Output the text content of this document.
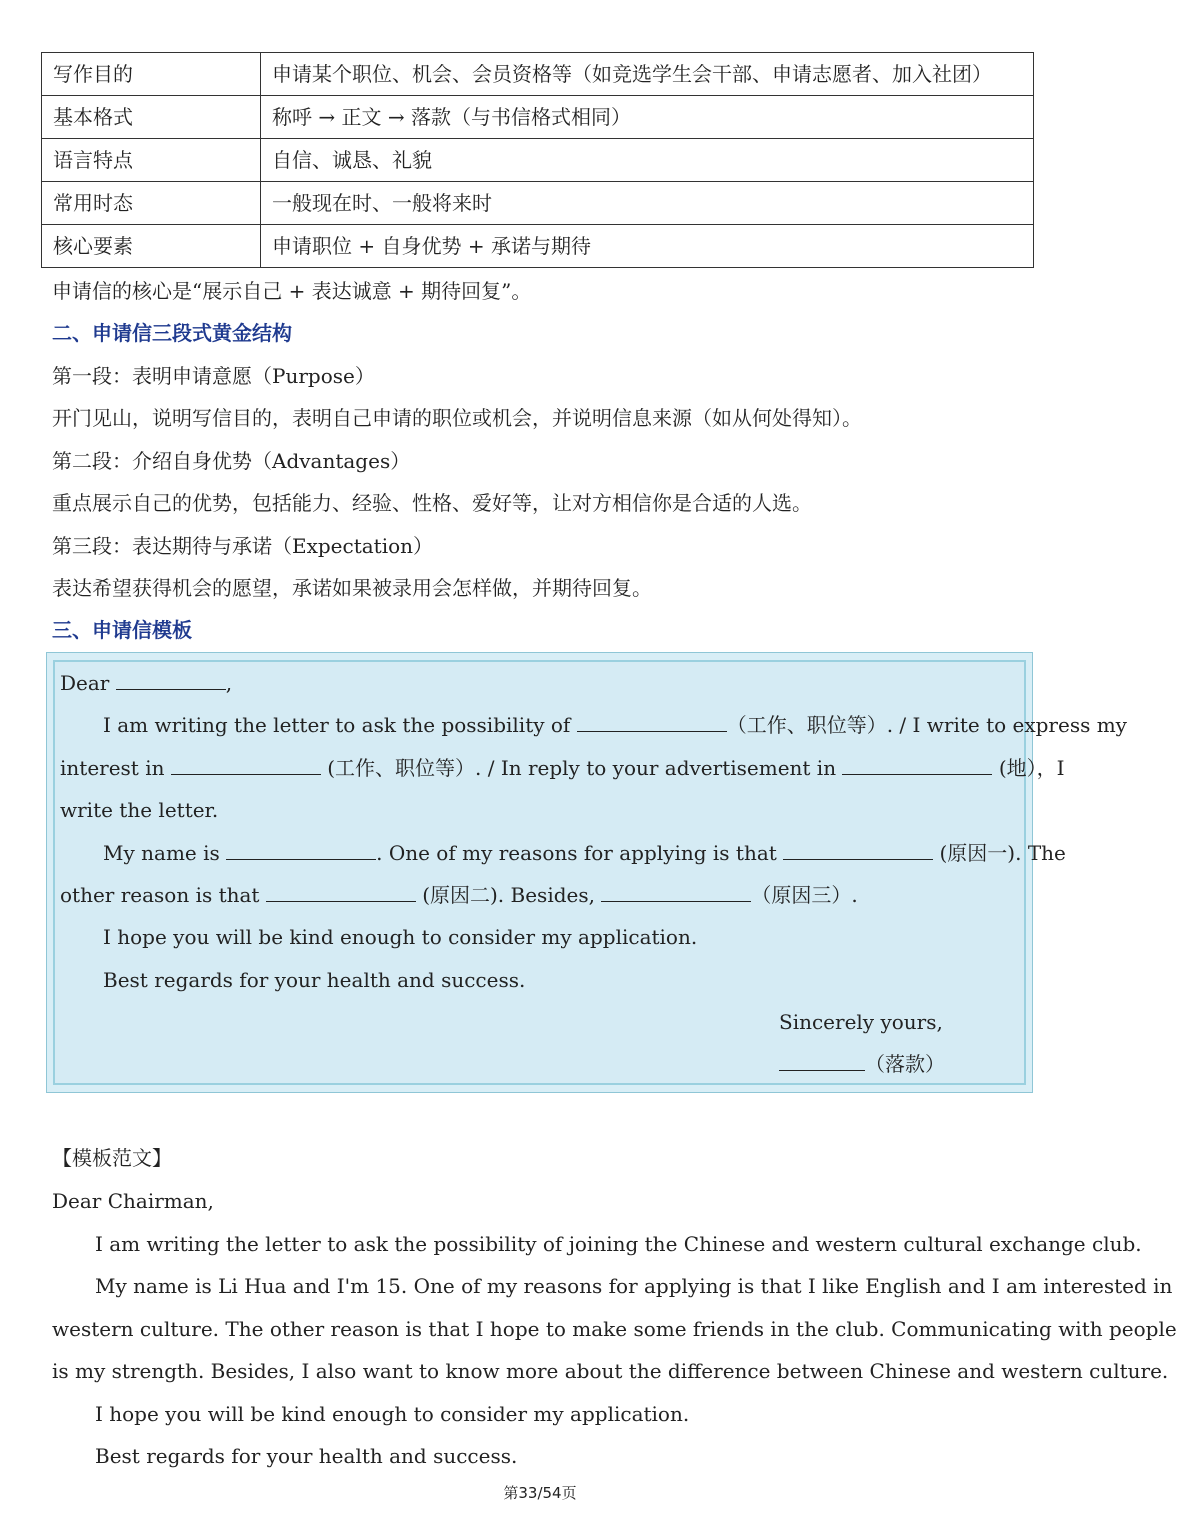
写作目的	申请某个职位、机会、会员资格等（如竞选学生会干部、申请志愿者、加入社团）
基本格式	称呼 → 正文 → 落款（与书信格式相同）
语言特点	自信、诚恳、礼貌
常用时态	一般现在时、一般将来时
核心要素	申请职位 + 自身优势 + 承诺与期待
申请信的核心是“展示自己 + 表达诚意 + 期待回复”。
二、申请信三段式黄金结构
第一段：表明申请意愿（Purpose）
开门见山，说明写信目的，表明自己申请的职位或机会，并说明信息来源（如从何处得知）。
第二段：介绍自身优势（Advantages）
重点展示自己的优势，包括能力、经验、性格、爱好等，让对方相信你是合适的人选。
第三段：表达期待与承诺（Expectation）
表达希望获得机会的愿望，承诺如果被录用会怎样做，并期待回复。
三、申请信模板
Dear	,
I am writing the letter to ask the possibility of	（工作、职位等）. / I write to express my
interest in	(工作、职位等）. / In reply to your advertisement in	(地），I
write the letter.
My name is	. One of my reasons for applying is that	(原因一). The
other reason is that	(原因二). Besides,	（原因三）.
I hope you will be kind enough to consider my application.
Best regards for your health and success.
Sincerely yours,
（落款）
【模板范文】
Dear Chairman,
I am writing the letter to ask the possibility of joining the Chinese and western cultural exchange club.
My name is Li Hua and I'm 15. One of my reasons for applying is that I like English and I am interested in
western culture. The other reason is that I hope to make some friends in the club. Communicating with people
is my strength. Besides, I also want to know more about the difference between Chinese and western culture.
I hope you will be kind enough to consider my application.
Best regards for your health and success.
第33/54页
